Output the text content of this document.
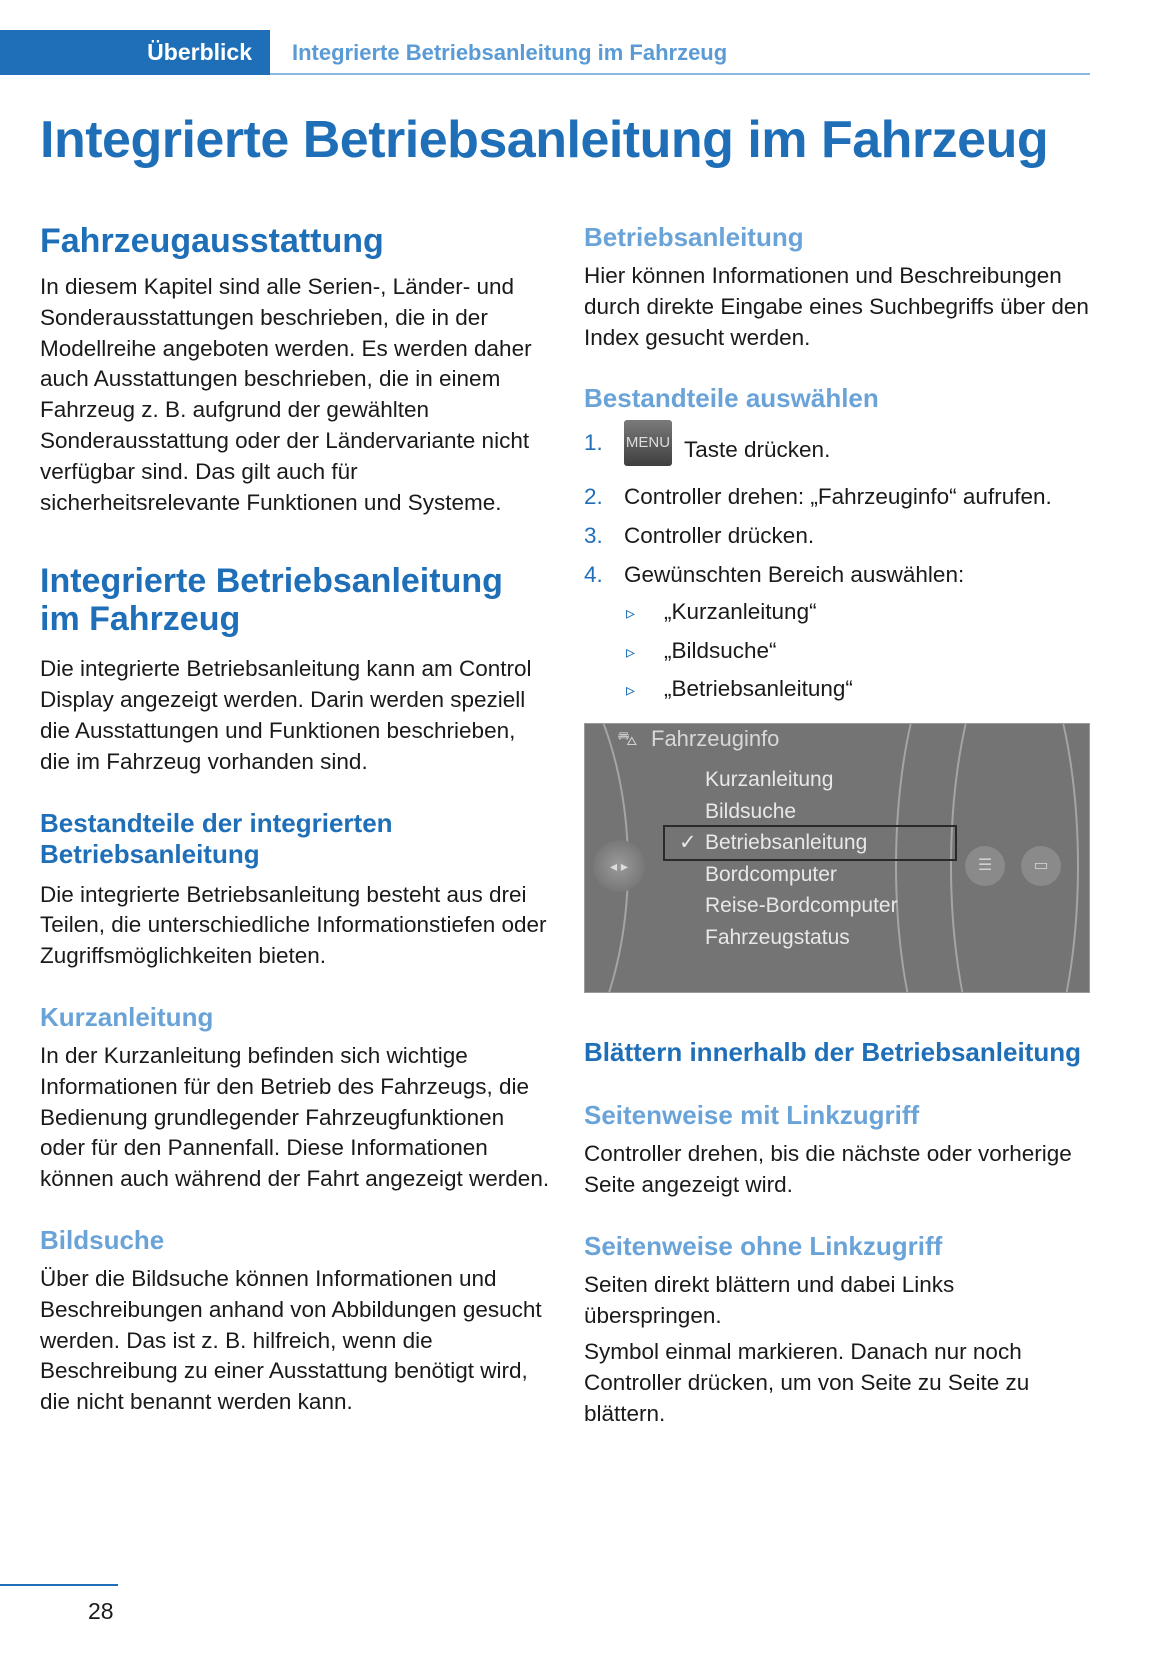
Überblick	Integrierte Betriebsanleitung im Fahrzeug
Integrierte Betriebsanleitung im Fahrzeug
Fahrzeugausstattung

In diesem Kapitel sind alle Serien-, Länder- und Sonderausstattungen beschrieben, die in der Modellreihe angeboten werden. Es werden daher auch Ausstattungen beschrieben, die in einem Fahrzeug z. B. aufgrund der gewählten Sonderausstattung oder der Ländervariante nicht verfügbar sind. Das gilt auch für sicherheitsrelevante Funktionen und Systeme.

Integrierte Betriebsanleitung im Fahrzeug

Die integrierte Betriebsanleitung kann am Control Display angezeigt werden. Darin werden speziell die Ausstattungen und Funktionen beschrieben, die im Fahrzeug vorhanden sind.

Bestandteile der integrierten Betriebsanleitung

Die integrierte Betriebsanleitung besteht aus drei Teilen, die unterschiedliche Informationstiefen oder Zugriffsmöglichkeiten bieten.

Kurzanleitung

In der Kurzanleitung befinden sich wichtige Informationen für den Betrieb des Fahrzeugs, die Bedienung grundlegender Fahrzeugfunktionen oder für den Pannenfall. Diese Informationen können auch während der Fahrt angezeigt werden.

Bildsuche

Über die Bildsuche können Informationen und Beschreibungen anhand von Abbildungen gesucht werden. Das ist z. B. hilfreich, wenn die Beschreibung zu einer Ausstattung benötigt wird, die nicht benannt werden kann.

Betriebsanleitung

Hier können Informationen und Beschreibungen durch direkte Eingabe eines Suchbegriffs über den Index gesucht werden.

Bestandteile auswählen
1. MENU Taste drücken.
2. Controller drehen: „Fahrzeuginfo“ aufrufen.
3. Controller drücken.
4. Gewünschten Bereich auswählen:
▹ „Kurzanleitung“
▹ „Bildsuche“
▹ „Betriebsanleitung“
⛍ Fahrzeuginfo
◂ ▸
Kurzanleitung
Bildsuche
✓ Betriebsanleitung
Bordcomputer
Reise-Bordcomputer
Fahrzeugstatus
☰	▭
Blättern innerhalb der Betriebsanleitung
Seitenweise mit Linkzugriff

Controller drehen, bis die nächste oder vorherige Seite angezeigt wird.

Seitenweise ohne Linkzugriff

Seiten direkt blättern und dabei Links überspringen.

Symbol einmal markieren. Danach nur noch Controller drücken, um von Seite zu Seite zu blättern.

28
